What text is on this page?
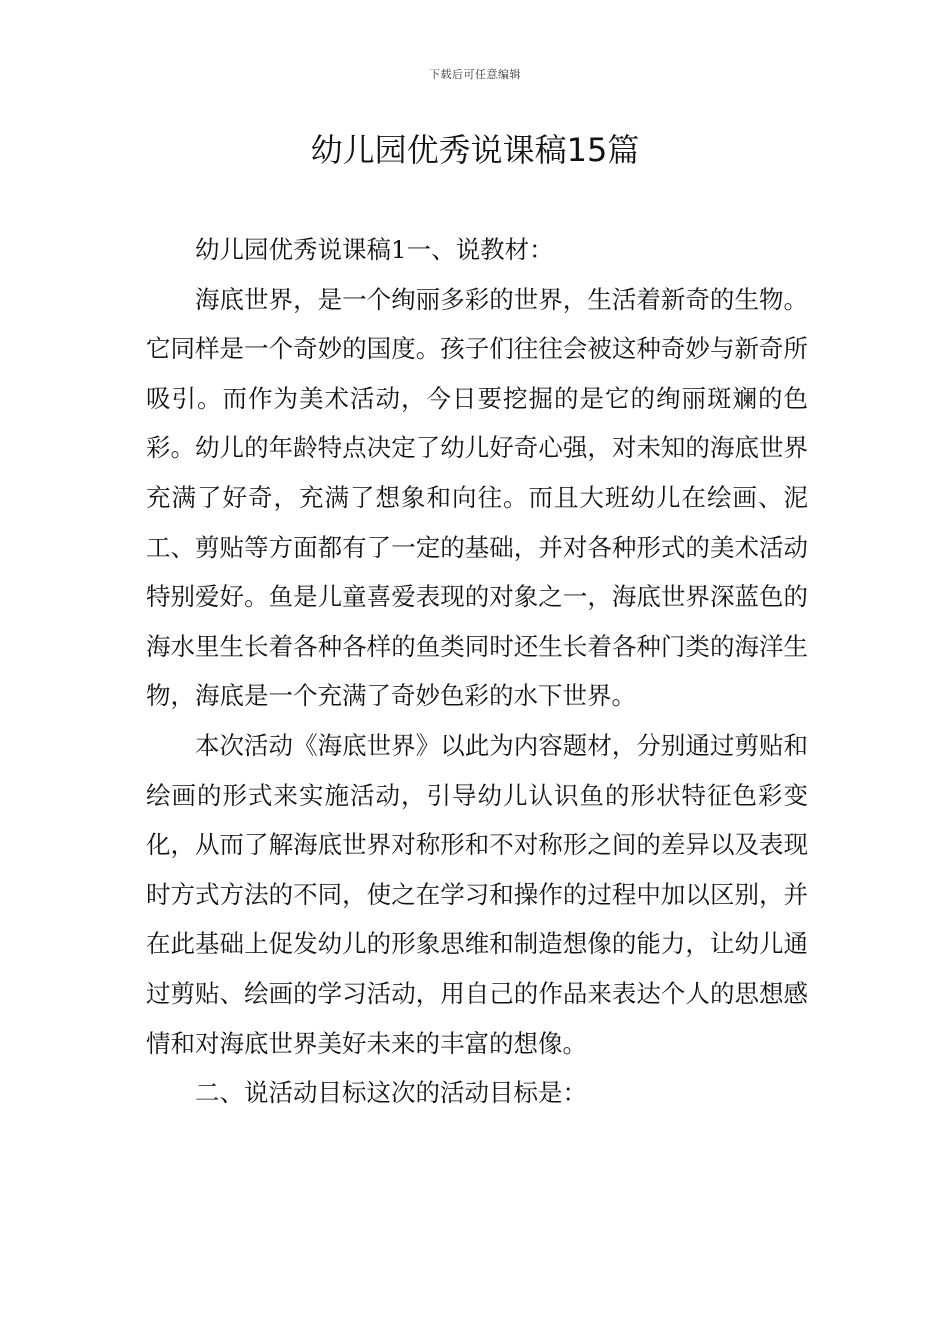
下载后可任意编辑
幼儿园优秀说课稿15篇

幼儿园优秀说课稿1一、说教材：

海底世界，是一个绚丽多彩的世界，生活着新奇的生物。它同样是一个奇妙的国度。孩子们往往会被这种奇妙与新奇所吸引。而作为美术活动，今日要挖掘的是它的绚丽斑斓的色彩。幼儿的年龄特点决定了幼儿好奇心强，对未知的海底世界充满了好奇，充满了想象和向往。而且大班幼儿在绘画、泥工、剪贴等方面都有了一定的基础，并对各种形式的美术活动特别爱好。鱼是儿童喜爱表现的对象之一，海底世界深蓝色的海水里生长着各种各样的鱼类同时还生长着各种门类的海洋生物，海底是一个充满了奇妙色彩的水下世界。

本次活动《海底世界》以此为内容题材，分别通过剪贴和绘画的形式来实施活动，引导幼儿认识鱼的形状特征色彩变化，从而了解海底世界对称形和不对称形之间的差异以及表现时方式方法的不同，使之在学习和操作的过程中加以区别，并在此基础上促发幼儿的形象思维和制造想像的能力，让幼儿通过剪贴、绘画的学习活动，用自己的作品来表达个人的思想感情和对海底世界美好未来的丰富的想像。

二、说活动目标这次的活动目标是：
